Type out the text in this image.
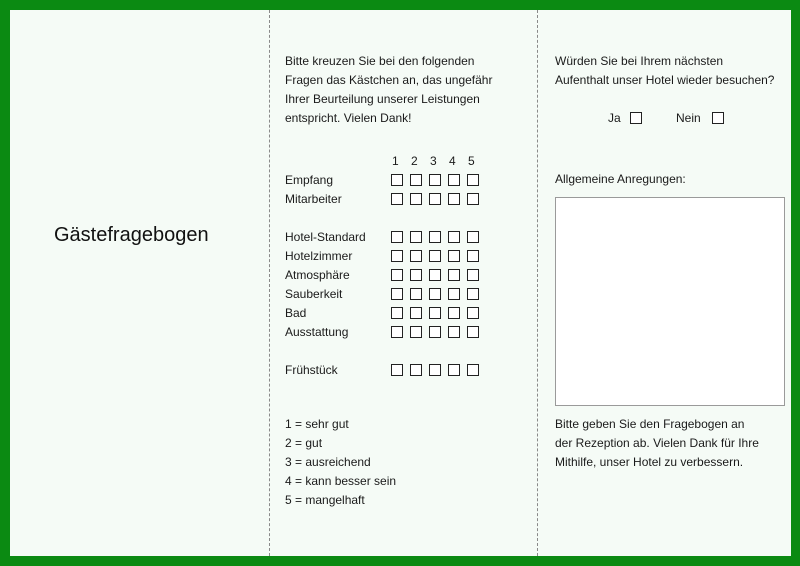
Gästefragebogen
Bitte kreuzen Sie bei den folgenden
Fragen das Kästchen an, das ungefähr
Ihrer Beurteilung unserer Leistungen
entspricht. Vielen Dank!
1 2 3 4 5
Empfang
Mitarbeiter
Hotel-Standard
Hotelzimmer
Atmosphäre
Sauberkeit
Bad
Ausstattung
Frühstück
1 = sehr gut
2 = gut
3 = ausreichend
4 = kann besser sein
5 = mangelhaft
Würden Sie bei Ihrem nächsten
Aufenthalt unser Hotel wieder besuchen?
Ja	Nein
Allgemeine Anregungen:
Bitte geben Sie den Fragebogen an
der Rezeption ab. Vielen Dank für Ihre
Mithilfe, unser Hotel zu verbessern.
